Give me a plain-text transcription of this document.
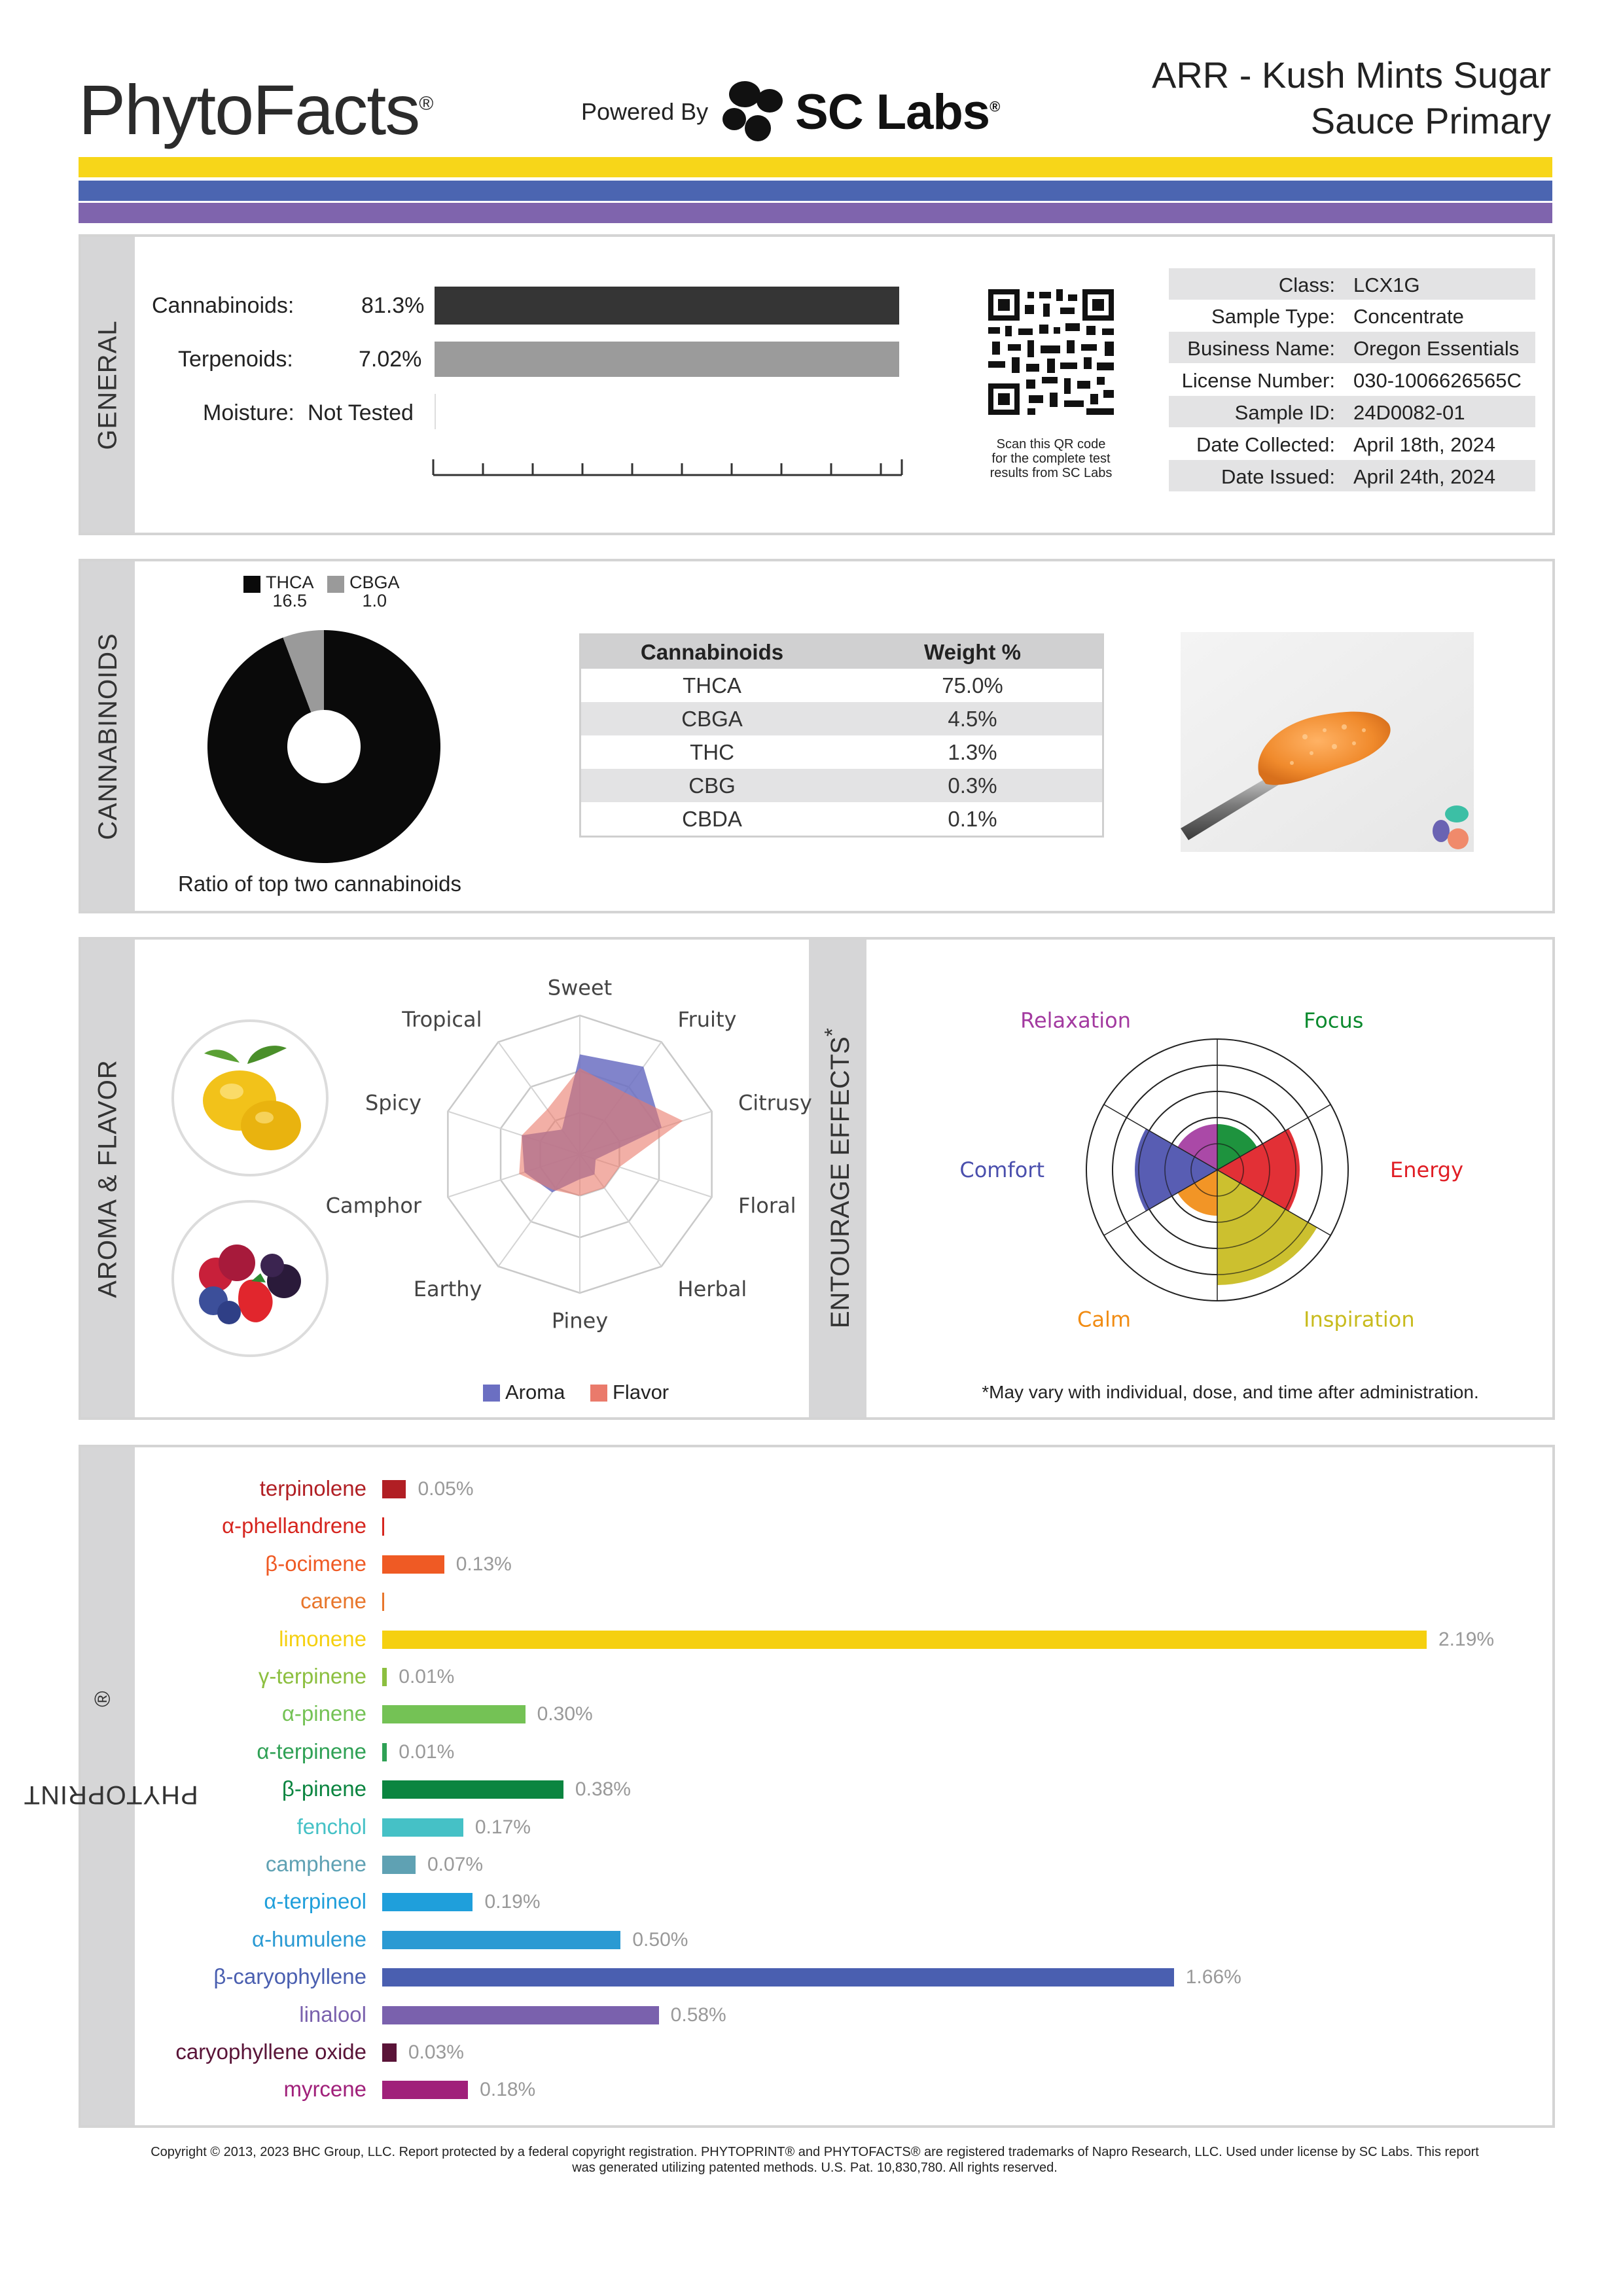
PhytoFacts®	Powered By SC Labs®
ARR - Kush Mints Sugar
Sauce Primary
GENERAL
Cannabinoids:	81.3%
Terpenoids:	7.02%
Moisture: Not Tested
Scan this QR code
for the complete test
results from SC Labs
Class: LCX1G
Sample Type: Concentrate
Business Name: Oregon Essentials
License Number: 030-1006626565C
Sample ID: 24D0082-01
Date Collected: April 18th, 2024
Date Issued: April 24th, 2024
CANNABINOIDS
THCA
16.5
CBGA
1.0
Ratio of top two cannabinoids
Cannabinoids	Weight %
THCA	75.0%
CBGA	4.5%
THC	1.3%
CBG	0.3%
CBDA	0.1%
AROMA & FLAVOR	ENTOURAGE EFFECTS*
Sweet
Fruity
Citrusy
Floral
Herbal
Piney
Earthy
Camphor
Spicy
Tropical
Aroma Flavor
Focus
Energy
Inspiration
Calm
Comfort
Relaxation
*May vary with individual, dose, and time after administration.
PHYTOPRINT®
terpinolene	0.05%
α-phellandrene
β-ocimene	0.13%
carene
limonene	2.19%
γ-terpinene 0.01%
α-pinene	0.30%
α-terpinene 0.01%
β-pinene	0.38%
fenchol	0.17%
camphene	0.07%
α-terpineol	0.19%
α-humulene	0.50%
β-caryophyllene	1.66%
linalool	0.58%
caryophyllene oxide 0.03%
myrcene	0.18%
Copyright © 2013, 2023 BHC Group, LLC. Report protected by a federal copyright registration. PHYTOPRINT® and PHYTOFACTS® are registered trademarks of Napro Research, LLC. Used under license by SC Labs. This report
was generated utilizing patented methods. U.S. Pat. 10,830,780. All rights reserved.
